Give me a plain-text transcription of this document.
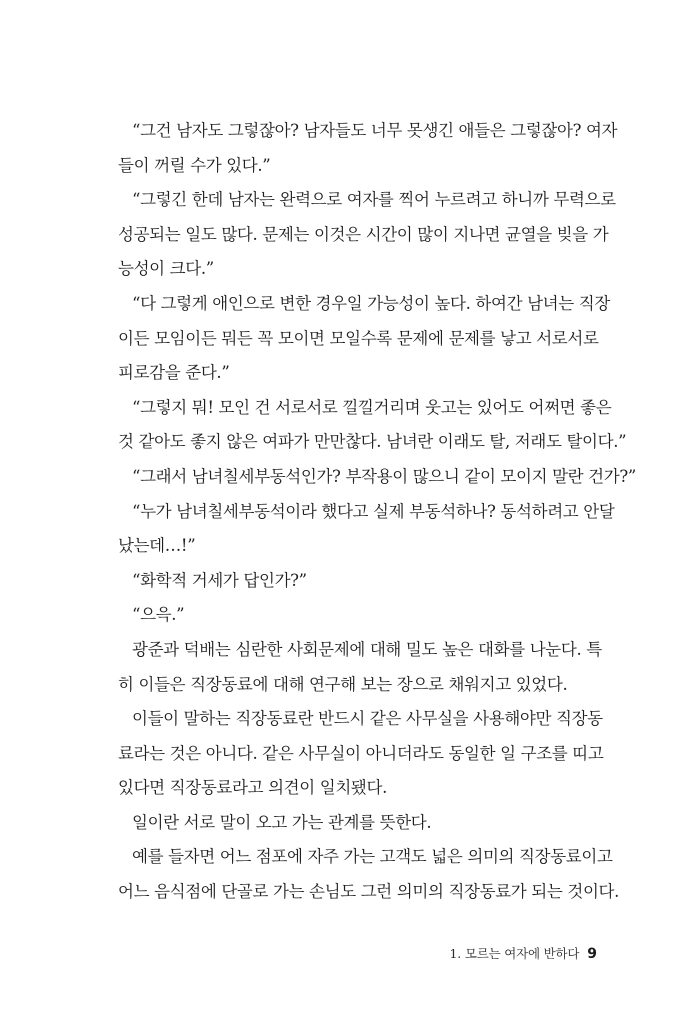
“그건 남자도 그렇잖아? 남자들도 너무 못생긴 애들은 그렇잖아? 여자
들이 꺼릴 수가 있다.”
“그렇긴 한데 남자는 완력으로 여자를 찍어 누르려고 하니까 무력으로
성공되는 일도 많다. 문제는 이것은 시간이 많이 지나면 균열을 빚을 가
능성이 크다.”
“다 그렇게 애인으로 변한 경우일 가능성이 높다. 하여간 남녀는 직장
이든 모임이든 뭐든 꼭 모이면 모일수록 문제에 문제를 낳고 서로서로
피로감을 준다.”
“그렇지 뭐! 모인 건 서로서로 낄낄거리며 웃고는 있어도 어쩌면 좋은
것 같아도 좋지 않은 여파가 만만찮다. 남녀란 이래도 탈, 저래도 탈이다.”
“그래서 남녀칠세부동석인가? 부작용이 많으니 같이 모이지 말란 건가?”
“누가 남녀칠세부동석이라 했다고 실제 부동석하나? 동석하려고 안달
났는데…!”
“화학적 거세가 답인가?”
“으윽.”
광준과 덕배는 심란한 사회문제에 대해 밀도 높은 대화를 나눈다. 특
히 이들은 직장동료에 대해 연구해 보는 장으로 채워지고 있었다.
이들이 말하는 직장동료란 반드시 같은 사무실을 사용해야만 직장동
료라는 것은 아니다. 같은 사무실이 아니더라도 동일한 일 구조를 띠고
있다면 직장동료라고 의견이 일치됐다.
일이란 서로 말이 오고 가는 관계를 뜻한다.
예를 들자면 어느 점포에 자주 가는 고객도 넓은 의미의 직장동료이고
어느 음식점에 단골로 가는 손님도 그런 의미의 직장동료가 되는 것이다.
1. 모르는 여자에 반하다 9
